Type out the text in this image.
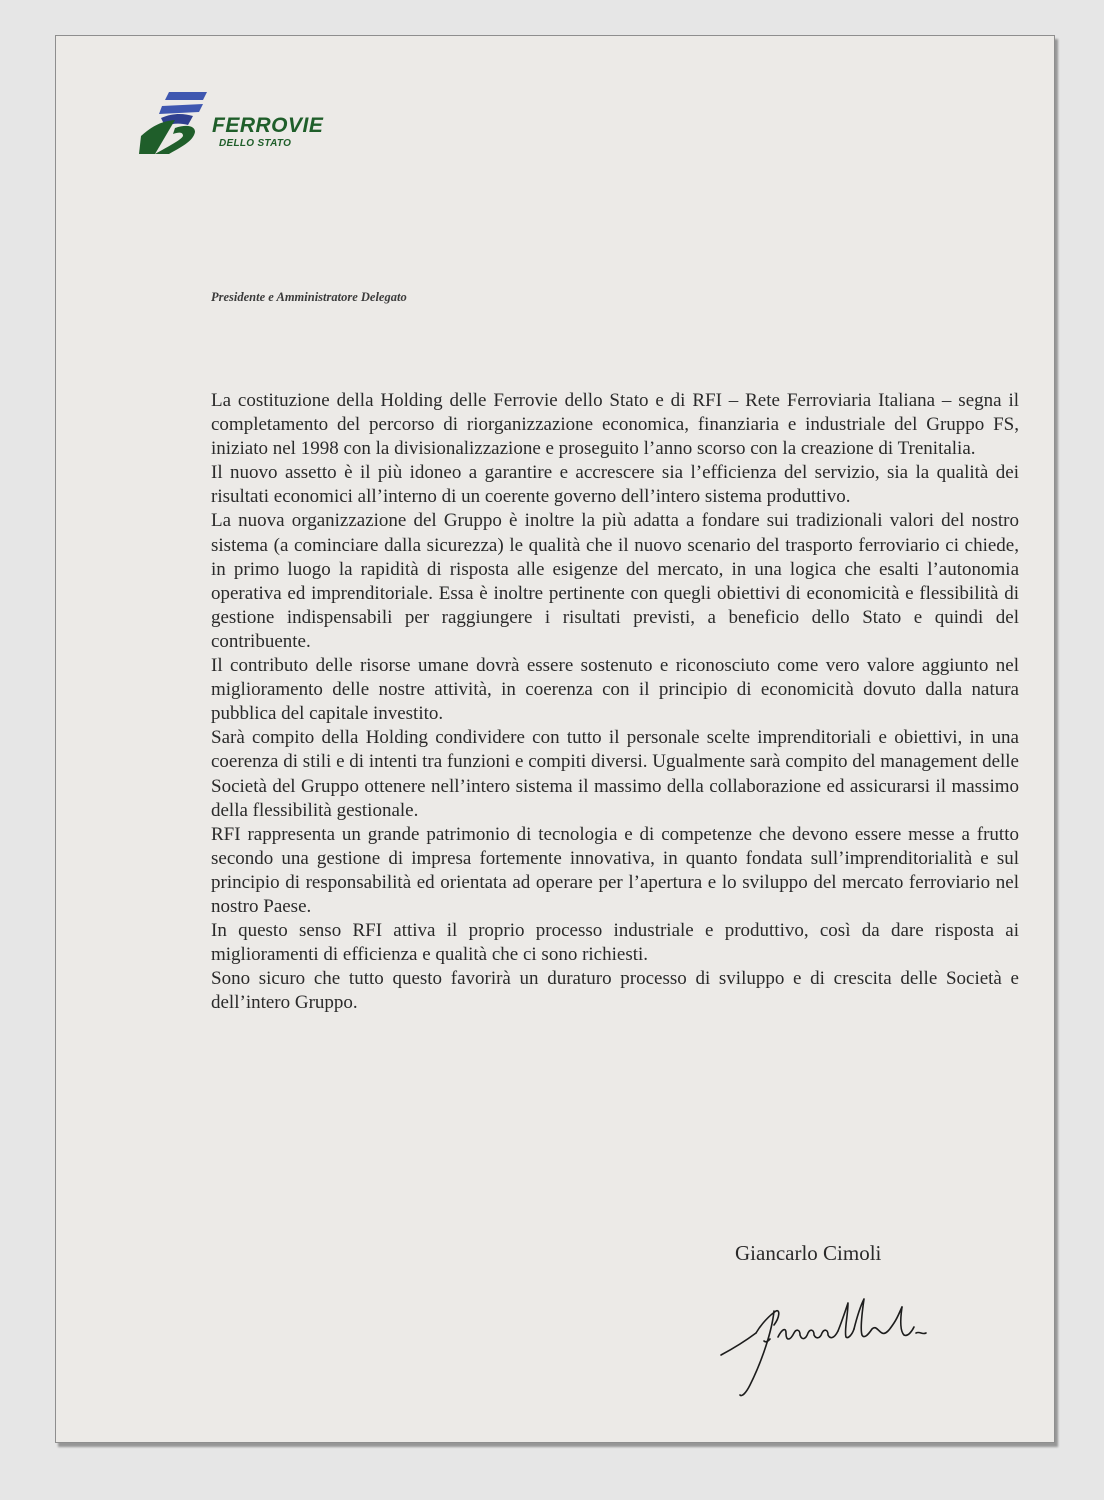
FERROVIE
DELLO STATO
Presidente e Amministratore Delegato

La costituzione della Holding delle Ferrovie dello Stato e di RFI – Rete Ferroviaria Italiana – segna il completamento del percorso di riorganizzazione economica, finanziaria e industriale del Gruppo FS, iniziato nel 1998 con la divisionalizzazione e proseguito l’anno scorso con la creazione di Trenitalia.

Il nuovo assetto è il più idoneo a garantire e accrescere sia l’efficienza del servizio, sia la qualità dei risultati economici all’interno di un coerente governo dell’intero sistema produttivo.

La nuova organizzazione del Gruppo è inoltre la più adatta a fondare sui tradizionali valori del nostro sistema (a cominciare dalla sicurezza) le qualità che il nuovo scenario del trasporto ferroviario ci chiede, in primo luogo la rapidità di risposta alle esigenze del mercato, in una logica che esalti l’autonomia operativa ed imprenditoriale. Essa è inoltre pertinente con quegli obiettivi di economicità e flessibilità di gestione indispensabili per raggiungere i risultati previsti, a beneficio dello Stato e quindi del contribuente.

Il contributo delle risorse umane dovrà essere sostenuto e riconosciuto come vero valore aggiunto nel miglioramento delle nostre attività, in coerenza con il principio di economicità dovuto dalla natura pubblica del capitale investito.

Sarà compito della Holding condividere con tutto il personale scelte imprenditoriali e obiettivi, in una coerenza di stili e di intenti tra funzioni e compiti diversi. Ugualmente sarà compito del management delle Società del Gruppo ottenere nell’intero sistema il massimo della collaborazione ed assicurarsi il massimo della flessibilità gestionale.

RFI rappresenta un grande patrimonio di tecnologia e di competenze che devono essere messe a frutto secondo una gestione di impresa fortemente innovativa, in quanto fondata sull’imprenditorialità e sul principio di responsabilità ed orientata ad operare per l’apertura e lo sviluppo del mercato ferroviario nel nostro Paese.

In questo senso RFI attiva il proprio processo industriale e produttivo, così da dare risposta ai miglioramenti di efficienza e qualità che ci sono richiesti.

Sono sicuro che tutto questo favorirà un duraturo processo di sviluppo e di crescita delle Società e dell’intero Gruppo.

Giancarlo Cimoli
